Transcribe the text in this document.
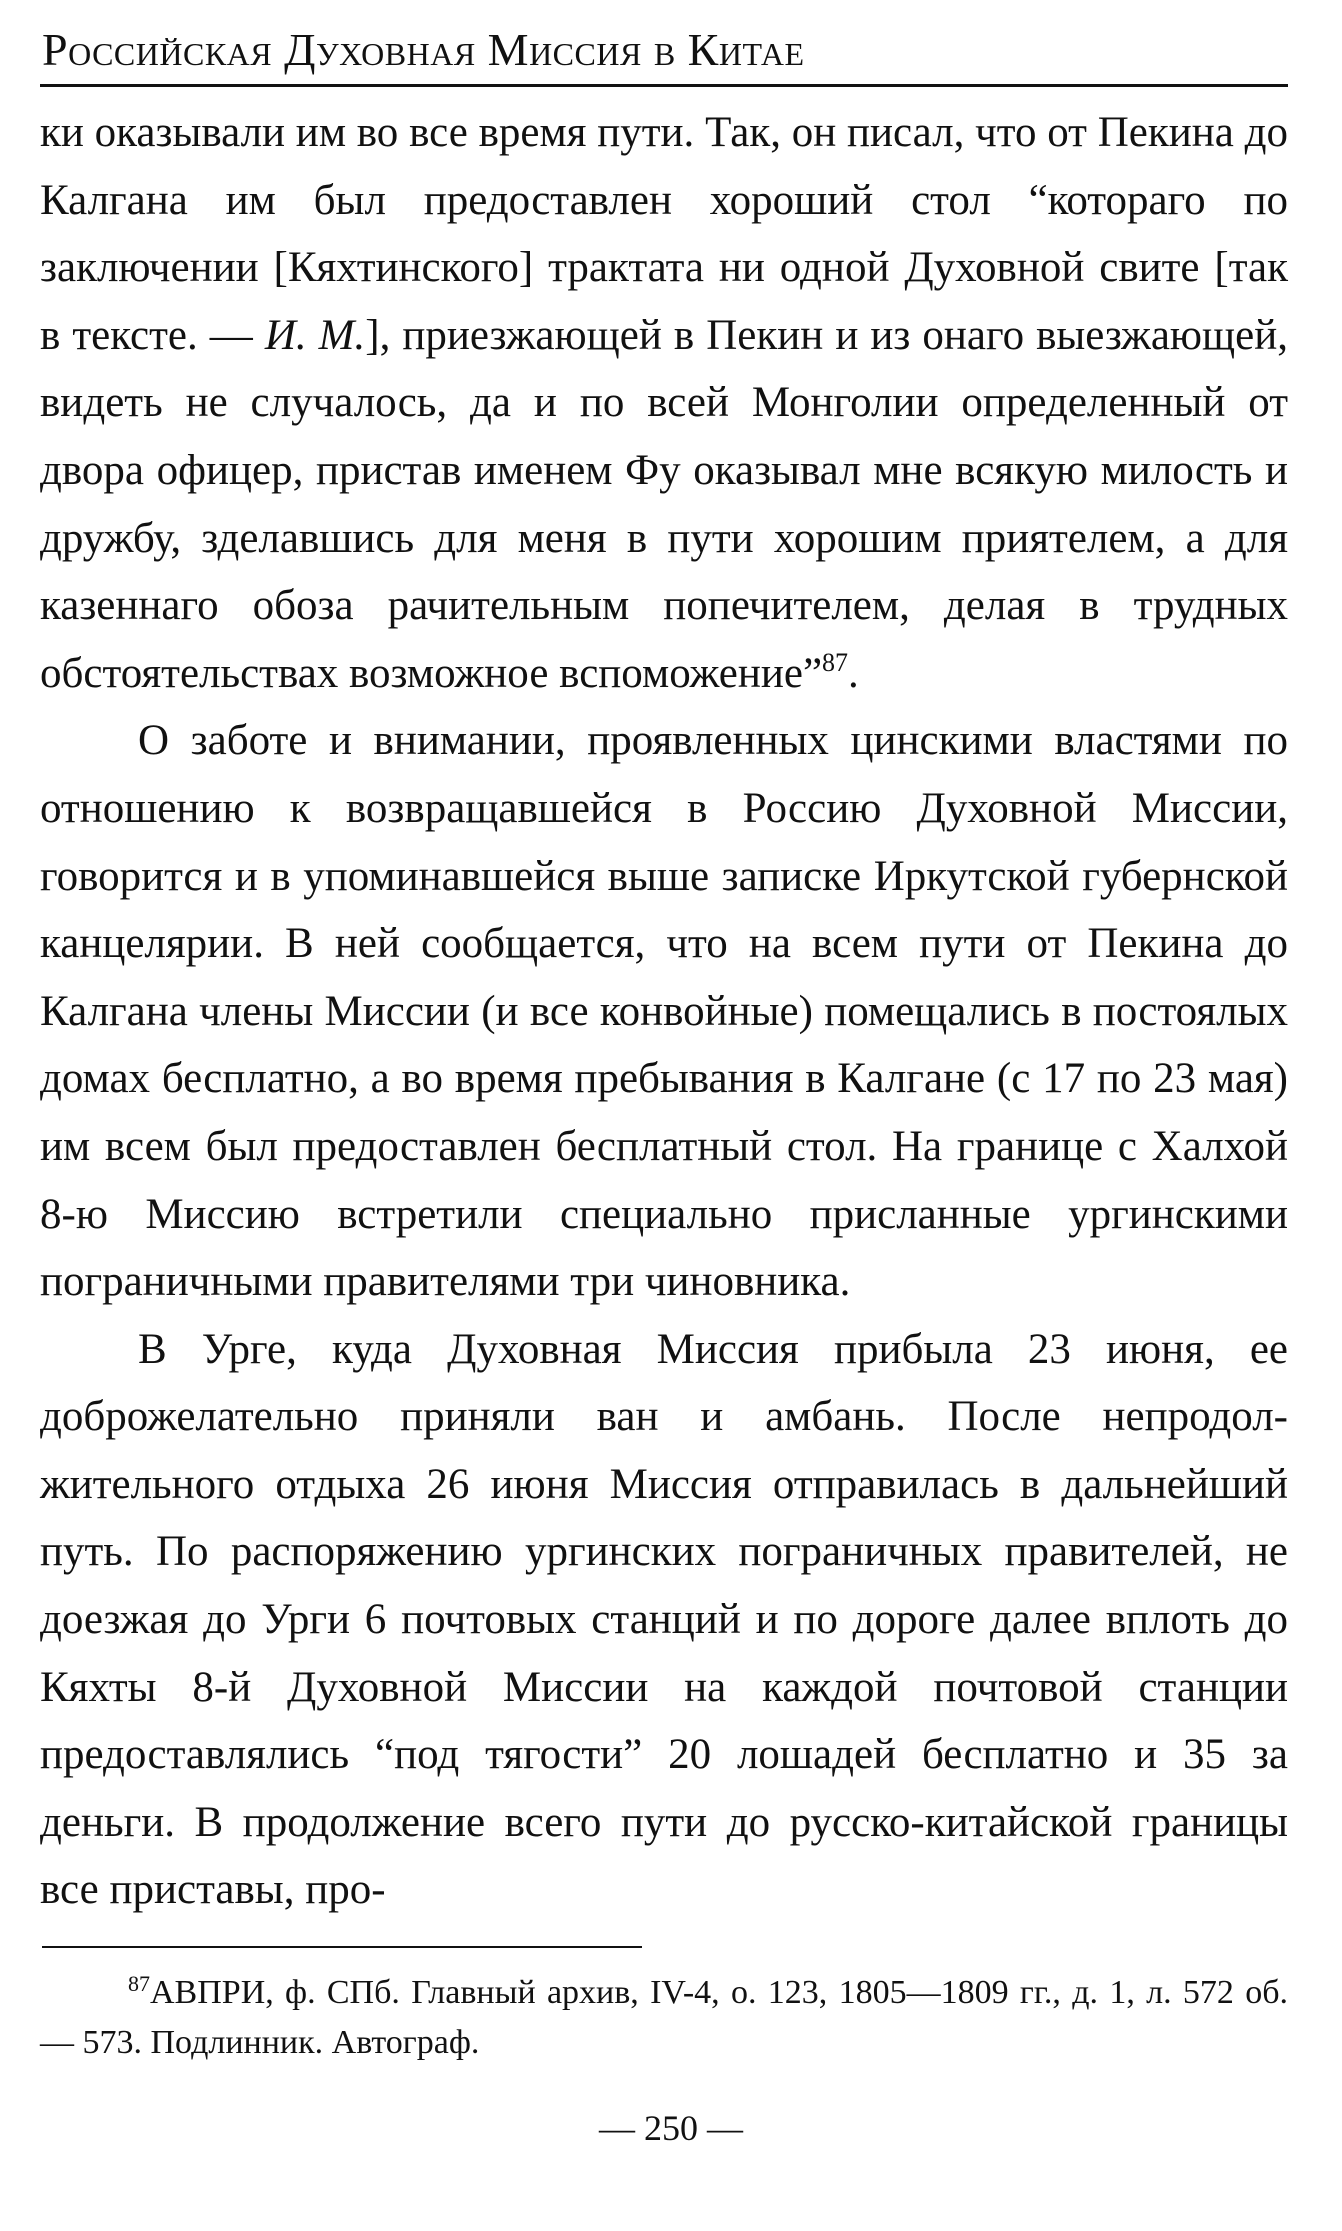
Российская Духовная Миссия в Китае

ки оказывали им во все время пути. Так, он писал, что от Пекина до Калгана им был предоставлен хороший стол “котораго по заключении [Кяхтинского] трактата ни одной Духовной свите [так в тексте. — И. М.], приезжающей в Пекин и из онаго выезжающей, видеть не случалось, да и по всей Монголии определенный от двора офицер, пристав именем Фу оказывал мне всякую милость и дружбу, зделавшись для меня в пути хорошим приятелем, а для казеннаго обоза рачительным попечителем, делая в трудных обстоятельствах возможное вспоможение”$^{87}$.

О заботе и внимании, проявленных цинскими властями по отношению к возвращавшейся в Россию Духовной Миссии, говорится и в упоминавшейся выше записке Иркутской губернской канцелярии. В ней сообщается, что на всем пути от Пекина до Калгана члены Миссии (и все конвойные) помещались в постоялых домах бесплатно, а во время пребывания в Калгане (с 17 по 23 мая) им всем был предоставлен бесплатный стол. На границе с Халхой 8-ю Миссию встретили специально присланные ургинскими пограничными правителями три чиновника.

В Урге, куда Духовная Миссия прибыла 23 июня, ее доброжелательно приняли ван и амбань. После непродолжительного отдыха 26 июня Миссия отправилась в дальнейший путь. По распоряжению ургинских пограничных правителей, не доезжая до Урги 6 почтовых станций и по дороге далее вплоть до Кяхты 8-й Духовной Миссии на каждой почтовой станции предоставлялись “под тягости” 20 лошадей бесплатно и 35 за деньги. В продолжение всего пути до русско-китайской границы все приставы, про-

$^{87}$АВПРИ, ф. СПб. Главный архив, IV-4, о. 123, 1805—1809 гг., д. 1, л. 572 об. — 573. Подлинник. Автограф.
— 250 —
